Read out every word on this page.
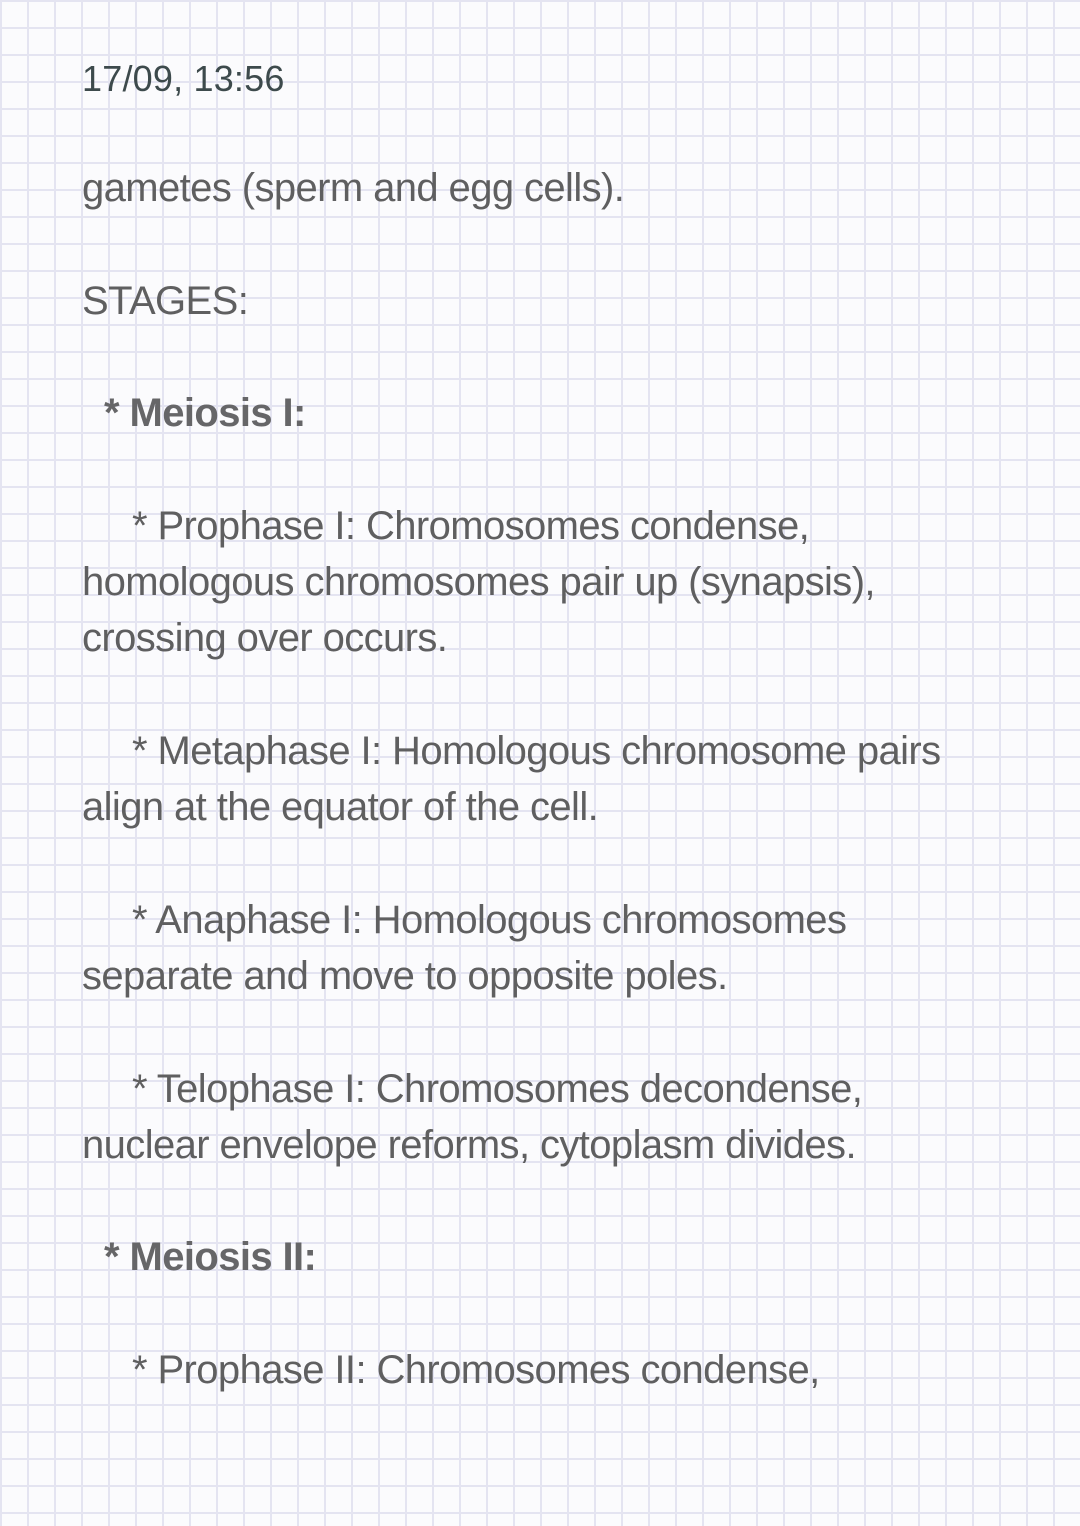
17/09, 13:56
gametes (sperm and egg cells).
STAGES:
* Meiosis I:
* Prophase I: Chromosomes condense,
homologous chromosomes pair up (synapsis),
crossing over occurs.
* Metaphase I: Homologous chromosome pairs
align at the equator of the cell.
* Anaphase I: Homologous chromosomes
separate and move to opposite poles.
* Telophase I: Chromosomes decondense,
nuclear envelope reforms, cytoplasm divides.
* Meiosis II:
* Prophase II: Chromosomes condense,
